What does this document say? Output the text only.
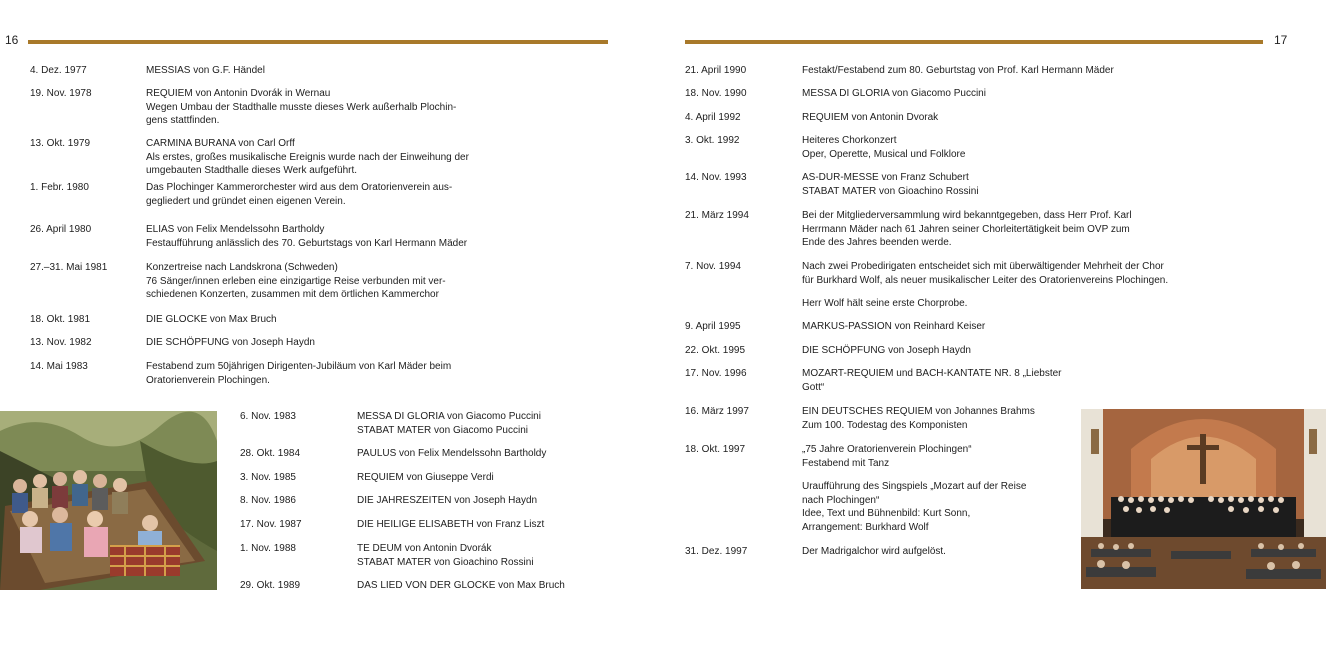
16	17
4. Dez. 1977	MESSIAS von G.F. Händel
19. Nov. 1978	REQUIEM von Antonin Dvorák in Wernau
Wegen Umbau der Stadthalle musste dieses Werk außerhalb Plochin-
gens stattfinden.
13. Okt. 1979	CARMINA BURANA von Carl Orff
Als erstes, großes musikalische Ereignis wurde nach der Einweihung der
umgebauten Stadthalle dieses Werk aufgeführt.
1. Febr. 1980	Das Plochinger Kammerorchester wird aus dem Oratorienverein aus-
gegliedert und gründet einen eigenen Verein.
26. April 1980	ELIAS von Felix Mendelssohn Bartholdy
Festaufführung anlässlich des 70. Geburtstags von Karl Hermann Mäder
27.–31. Mai 1981	Konzertreise nach Landskrona (Schweden)
76 Sänger/innen erleben eine einzigartige Reise verbunden mit ver-
schiedenen Konzerten, zusammen mit dem örtlichen Kammerchor
18. Okt. 1981	DIE GLOCKE von Max Bruch
13. Nov. 1982	DIE SCHÖPFUNG von Joseph Haydn
14. Mai 1983	Festabend zum 50jährigen Dirigenten-Jubiläum von Karl Mäder beim
Oratorienverein Plochingen.
6. Nov. 1983	MESSA DI GLORIA von Giacomo Puccini
STABAT MATER von Giacomo Puccini
28. Okt. 1984	PAULUS von Felix Mendelssohn Bartholdy
3. Nov. 1985	REQUIEM von Giuseppe Verdi
8. Nov. 1986	DIE JAHRESZEITEN von Joseph Haydn
17. Nov. 1987	DIE HEILIGE ELISABETH von Franz Liszt
1. Nov. 1988	TE DEUM von Antonin Dvorák
STABAT MATER von Gioachino Rossini
29. Okt. 1989	DAS LIED VON DER GLOCKE von Max Bruch
21. April 1990	Festakt/Festabend zum 80. Geburtstag von Prof. Karl Hermann Mäder
18. Nov. 1990	MESSA DI GLORIA von Giacomo Puccini
4. April 1992	REQUIEM von Antonin Dvorak
3. Okt. 1992	Heiteres Chorkonzert
Oper, Operette, Musical und Folklore
14. Nov. 1993	AS-DUR-MESSE von Franz Schubert
STABAT MATER von Gioachino Rossini
21. März 1994	Bei der Mitgliederversammlung wird bekanntgegeben, dass Herr Prof. Karl
Herrmann Mäder nach 61 Jahren seiner Chorleitertätigkeit beim OVP zum
Ende des Jahres beenden werde.
7. Nov. 1994	Nach zwei Probedirigaten entscheidet sich mit überwältigender Mehrheit der Chor
für Burkhard Wolf, als neuer musikalischer Leiter des Oratorienvereins Plochingen.
Herr Wolf hält seine erste Chorprobe.
9. April 1995	MARKUS-PASSION von Reinhard Keiser
22. Okt. 1995	DIE SCHÖPFUNG von Joseph Haydn
17. Nov. 1996	MOZART-REQUIEM und BACH-KANTATE NR. 8 „Liebster
Gott“
16. März 1997	EIN DEUTSCHES REQUIEM von Johannes Brahms
Zum 100. Todestag des Komponisten
18. Okt. 1997	„75 Jahre Oratorienverein Plochingen“
Festabend mit Tanz
Uraufführung des Singspiels „Mozart auf der Reise
nach Plochingen“
Idee, Text und Bühnenbild: Kurt Sonn,
Arrangement: Burkhard Wolf
31. Dez. 1997	Der Madrigalchor wird aufgelöst.
